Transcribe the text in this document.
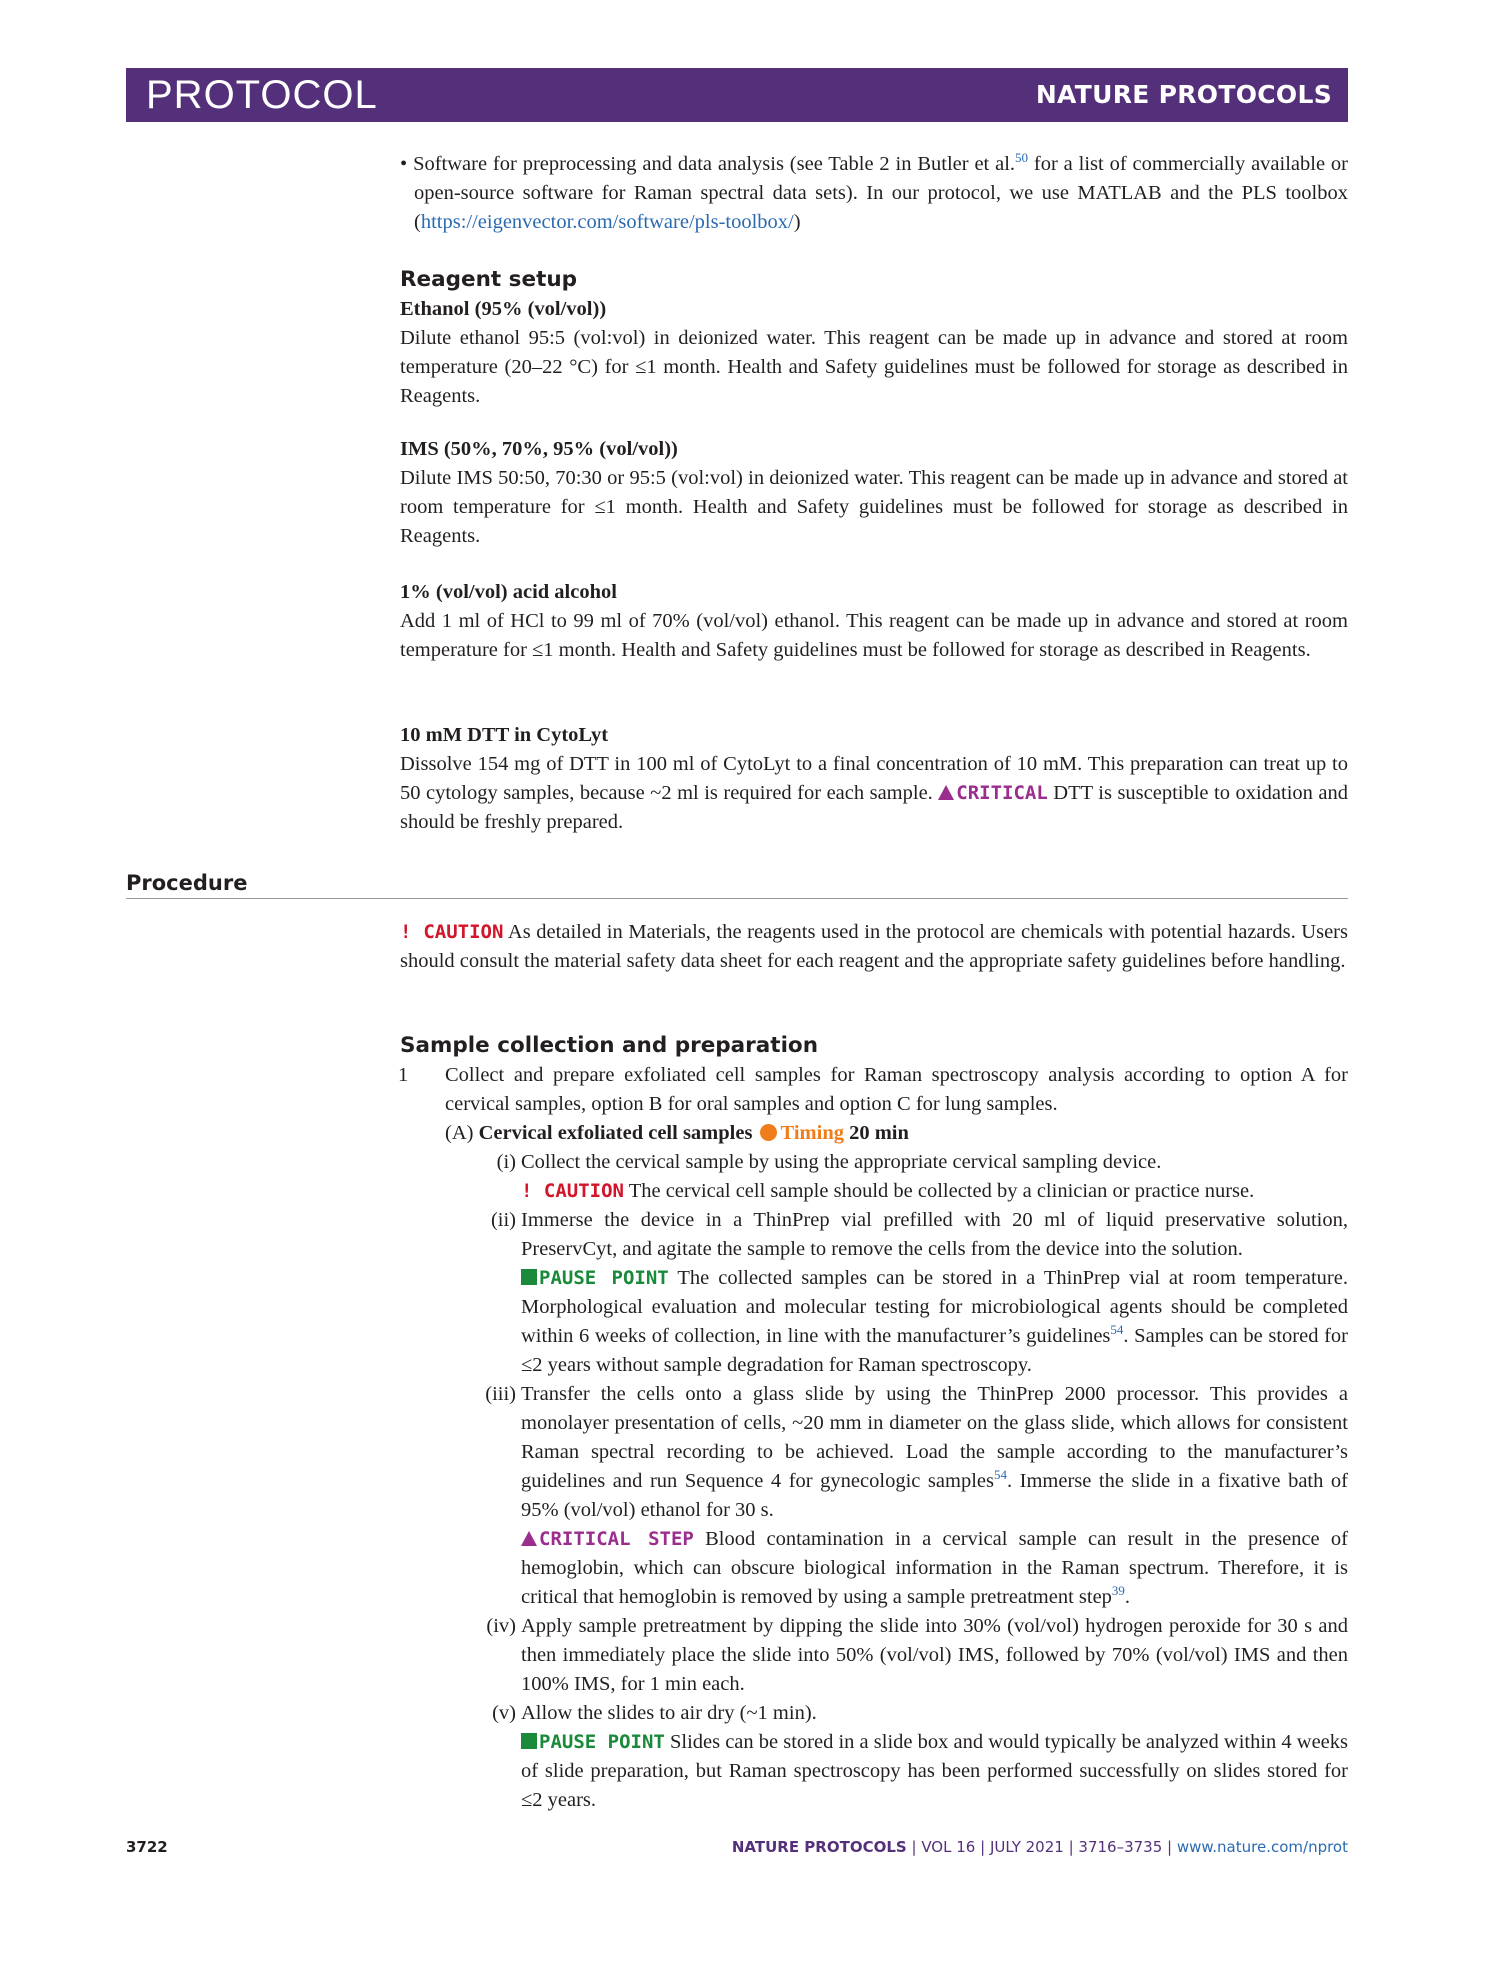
PROTOCOL	NATURE PROTOCOLS
• Software for preprocessing and data analysis (see Table 2 in Butler et al.$^{50}$ for a list of commercially available or open-source software for Raman spectral data sets). In our protocol, we use MATLAB and the PLS toolbox (https://eigenvector.com/software/pls-toolbox/)
Reagent setup
Ethanol (95% (vol/vol))
Dilute ethanol 95:5 (vol:vol) in deionized water. This reagent can be made up in advance and stored at room temperature (20–22 °C) for ≤1 month. Health and Safety guidelines must be followed for storage as described in Reagents.
IMS (50%, 70%, 95% (vol/vol))
Dilute IMS 50:50, 70:30 or 95:5 (vol:vol) in deionized water. This reagent can be made up in advance and stored at room temperature for ≤1 month. Health and Safety guidelines must be followed for storage as described in Reagents.
1% (vol/vol) acid alcohol
Add 1 ml of HCl to 99 ml of 70% (vol/vol) ethanol. This reagent can be made up in advance and stored at room temperature for ≤1 month. Health and Safety guidelines must be followed for storage as described in Reagents.
10 mM DTT in CytoLyt
Dissolve 154 mg of DTT in 100 ml of CytoLyt to a final concentration of 10 mM. This preparation can treat up to 50 cytology samples, because ~2 ml is required for each sample. CRITICAL DTT is susceptible to oxidation and should be freshly prepared.
Procedure
! CAUTION As detailed in Materials, the reagents used in the protocol are chemicals with potential hazards. Users should consult the material safety data sheet for each reagent and the appropriate safety guidelines before handling.
Sample collection and preparation
1 Collect and prepare exfoliated cell samples for Raman spectroscopy analysis according to option A for cervical samples, option B for oral samples and option C for lung samples.
(A) Cervical exfoliated cell samples Timing 20 min
(i) Collect the cervical sample by using the appropriate cervical sampling device.
! CAUTION The cervical cell sample should be collected by a clinician or practice nurse.
(ii) Immerse the device in a ThinPrep vial prefilled with 20 ml of liquid preservative solution, PreservCyt, and agitate the sample to remove the cells from the device into the solution.
PAUSE POINT The collected samples can be stored in a ThinPrep vial at room temperature. Morphological evaluation and molecular testing for microbiological agents should be completed within 6 weeks of collection, in line with the manufacturer’s guidelines$^{54}$. Samples can be stored for ≤2 years without sample degradation for Raman spectroscopy.
(iii) Transfer the cells onto a glass slide by using the ThinPrep 2000 processor. This provides a monolayer presentation of cells, ~20 mm in diameter on the glass slide, which allows for consistent Raman spectral recording to be achieved. Load the sample according to the manufacturer’s guidelines and run Sequence 4 for gynecologic samples$^{54}$. Immerse the slide in a fixative bath of 95% (vol/vol) ethanol for 30 s.
CRITICAL STEP Blood contamination in a cervical sample can result in the presence of hemoglobin, which can obscure biological information in the Raman spectrum. Therefore, it is critical that hemoglobin is removed by using a sample pretreatment step$^{39}$.
(iv) Apply sample pretreatment by dipping the slide into 30% (vol/vol) hydrogen peroxide for 30 s and then immediately place the slide into 50% (vol/vol) IMS, followed by 70% (vol/vol) IMS and then 100% IMS, for 1 min each.
(v) Allow the slides to air dry (~1 min).
PAUSE POINT Slides can be stored in a slide box and would typically be analyzed within 4 weeks of slide preparation, but Raman spectroscopy has been performed successfully on slides stored for ≤2 years.
3722	NATURE PROTOCOLS | VOL 16 | JULY 2021 | 3716–3735 | www.nature.com/nprot
